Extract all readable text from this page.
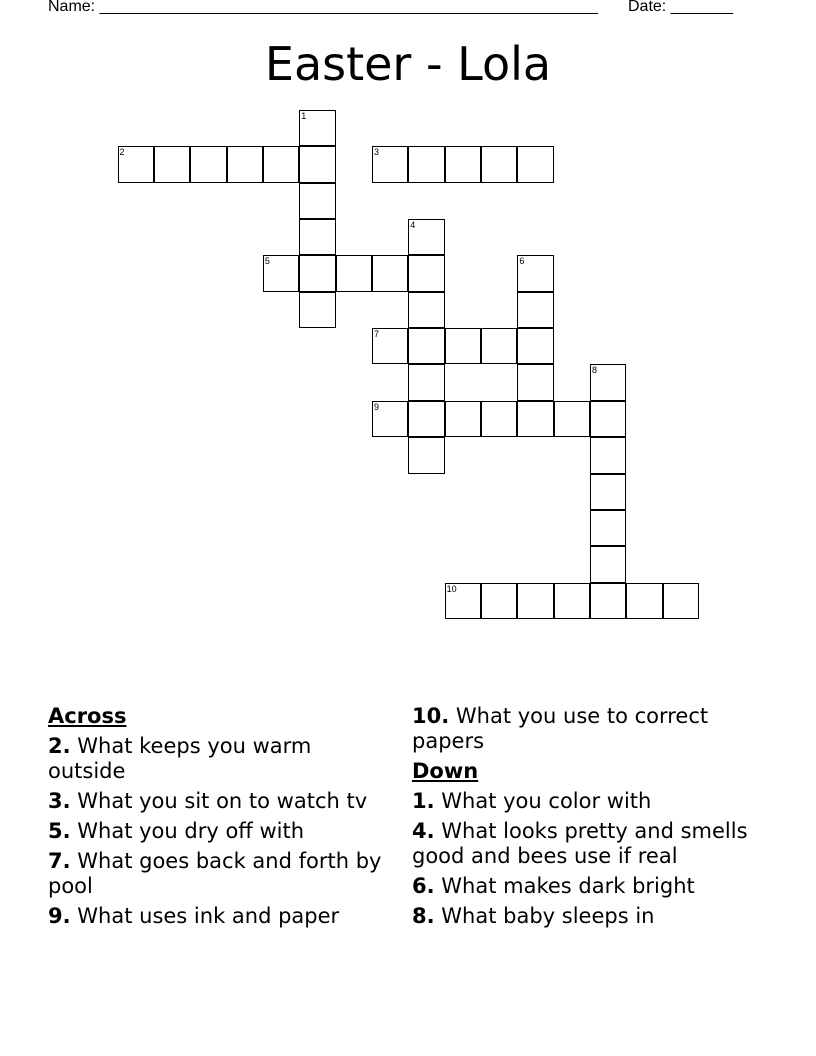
Name: ________________________________________________________ Date: _______
Easter - Lola
1
2	3
4
5	6
7
8
9
10
Across
2. What keeps you warm outside
3. What you sit on to watch tv
5. What you dry off with
7. What goes back and forth by pool
9. What uses ink and paper
10. What you use to correct papers
Down
1. What you color with
4. What looks pretty and smells good and bees use if real
6. What makes dark bright
8. What baby sleeps in
